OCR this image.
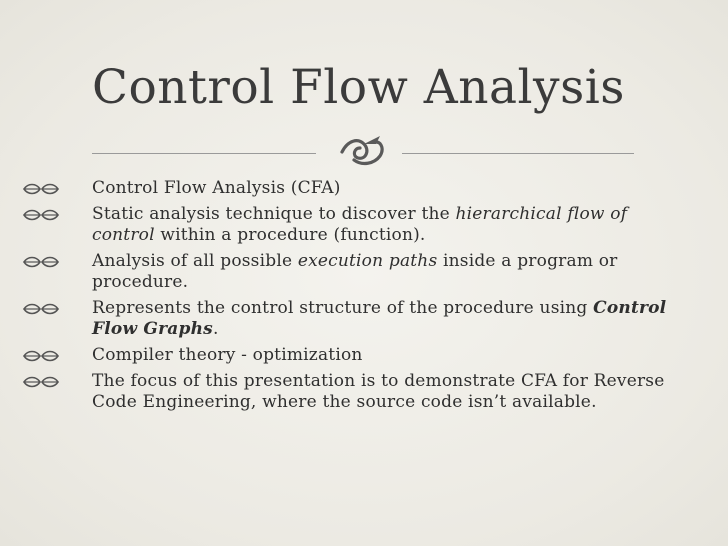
Control Flow Analysis
Control Flow Analysis (CFA)
Static analysis technique to discover the hierarchical flow of control within a procedure (function).
Analysis of all possible execution paths inside a program or procedure.
Represents the control structure of the procedure using Control Flow Graphs.
Compiler theory - optimization
The focus of this presentation is to demonstrate CFA for Reverse Code Engineering, where the source code isn’t available.
